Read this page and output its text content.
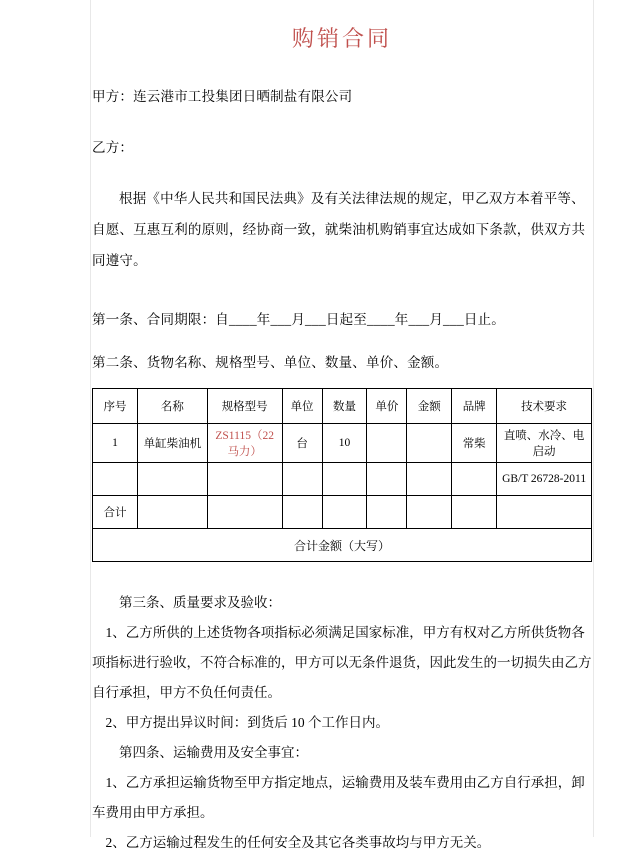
购销合同

甲方：连云港市工投集团日晒制盐有限公司

乙方：

根据《中华人民共和国民法典》及有关法律法规的规定，甲乙双方本着平等、自愿、互惠互利的原则，经协商一致，就柴油机购销事宜达成如下条款，供双方共同遵守。

第一条、合同期限：自____年___月___日起至____年___月___日止。

第二条、货物名称、规格型号、单位、数量、单价、金额。

序号	名称	规格型号	单位	数量	单价	金额	品牌	技术要求
1	单缸柴油机	ZS1115（22马力）	台	10			常柴	直喷、水冷、电启动
								GB/T 26728-2011
合计								
合计金额（大写）								

第三条、质量要求及验收：

1、乙方所供的上述货物各项指标必须满足国家标准，甲方有权对乙方所供货物各项指标进行验收，不符合标准的，甲方可以无条件退货，因此发生的一切损失由乙方自行承担，甲方不负任何责任。

2、甲方提出异议时间：到货后 10 个工作日内。

第四条、运输费用及安全事宜：

1、乙方承担运输货物至甲方指定地点，运输费用及装车费用由乙方自行承担，卸车费用由甲方承担。

2、乙方运输过程发生的任何安全及其它各类事故均与甲方无关。
